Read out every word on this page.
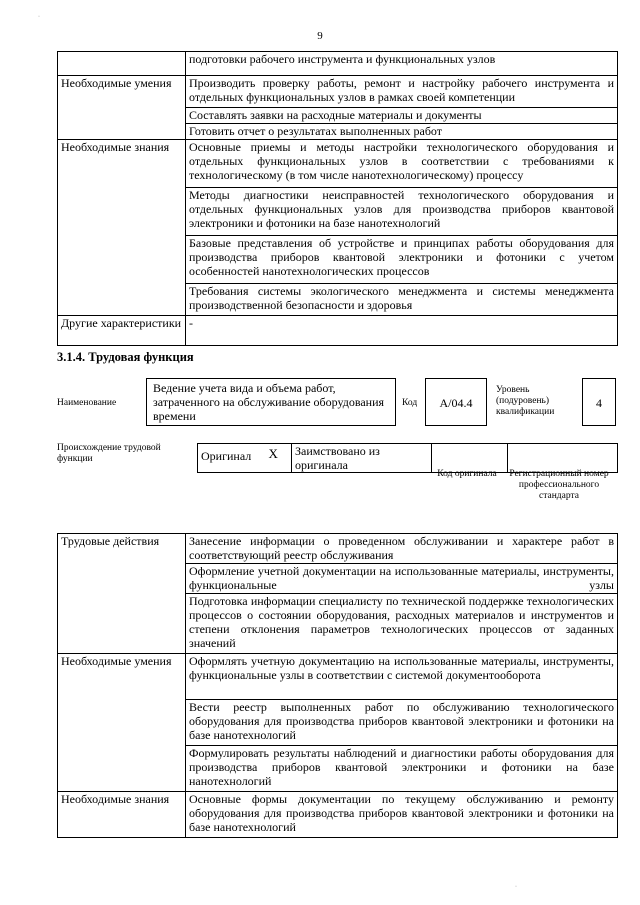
·
·
9
	подготовки рабочего инструмента и функциональных узлов
Необходимые умения	Производить проверку работы, ремонт и настройку рабочего инструмента и отдельных функциональных узлов в рамках своей компетенции
	Составлять заявки на расходные материалы и документы
	Готовить отчет о результатах выполненных работ
Необходимые знания	Основные приемы и методы настройки технологического оборудования и отдельных функциональных узлов в соответствии с требованиями к технологическому (в том числе нанотехнологическому) процессу
	Методы диагностики неисправностей технологического оборудования и отдельных функциональных узлов для производства приборов квантовой электроники и фотоники на базе нанотехнологий
	Базовые представления об устройстве и принципах работы оборудования для производства приборов квантовой электроники и фотоники с учетом особенностей нанотехнологических процессов
	Требования системы экологического менеджмента и системы менеджмента производственной безопасности и здоровья
Другие характеристики	-
3.1.4. Трудовая функция
Наименование
Ведение учета вида и объема работ, затраченного на обслуживание оборудования времени
Код	A/04.4
Уровень (подуровень) квалификации
4
Происхождение трудовой функции	Оригинал	X	Заимствовано из оригинала		
Код оригинала	Регистрационный номер профессионального стандарта
Трудовые действия	Занесение информации о проведенном обслуживании и характере работ в соответствующий реестр обслуживания
	Оформление учетной документации на использованные материалы, инструменты, функциональные узлы
	Подготовка информации специалисту по технической поддержке технологических процессов о состоянии оборудования, расходных материалов и инструментов и степени отклонения параметров технологических процессов от заданных значений
Необходимые умения	Оформлять учетную документацию на использованные материалы, инструменты, функциональные узлы в соответствии с системой документооборота
	Вести реестр выполненных работ по обслуживанию технологического оборудования для производства приборов квантовой электроники и фотоники на базе нанотехнологий
	Формулировать результаты наблюдений и диагностики работы оборудования для производства приборов квантовой электроники и фотоники на базе нанотехнологий
Необходимые знания	Основные формы документации по текущему обслуживанию и ремонту оборудования для производства приборов квантовой электроники и фотоники на базе нанотехнологий
